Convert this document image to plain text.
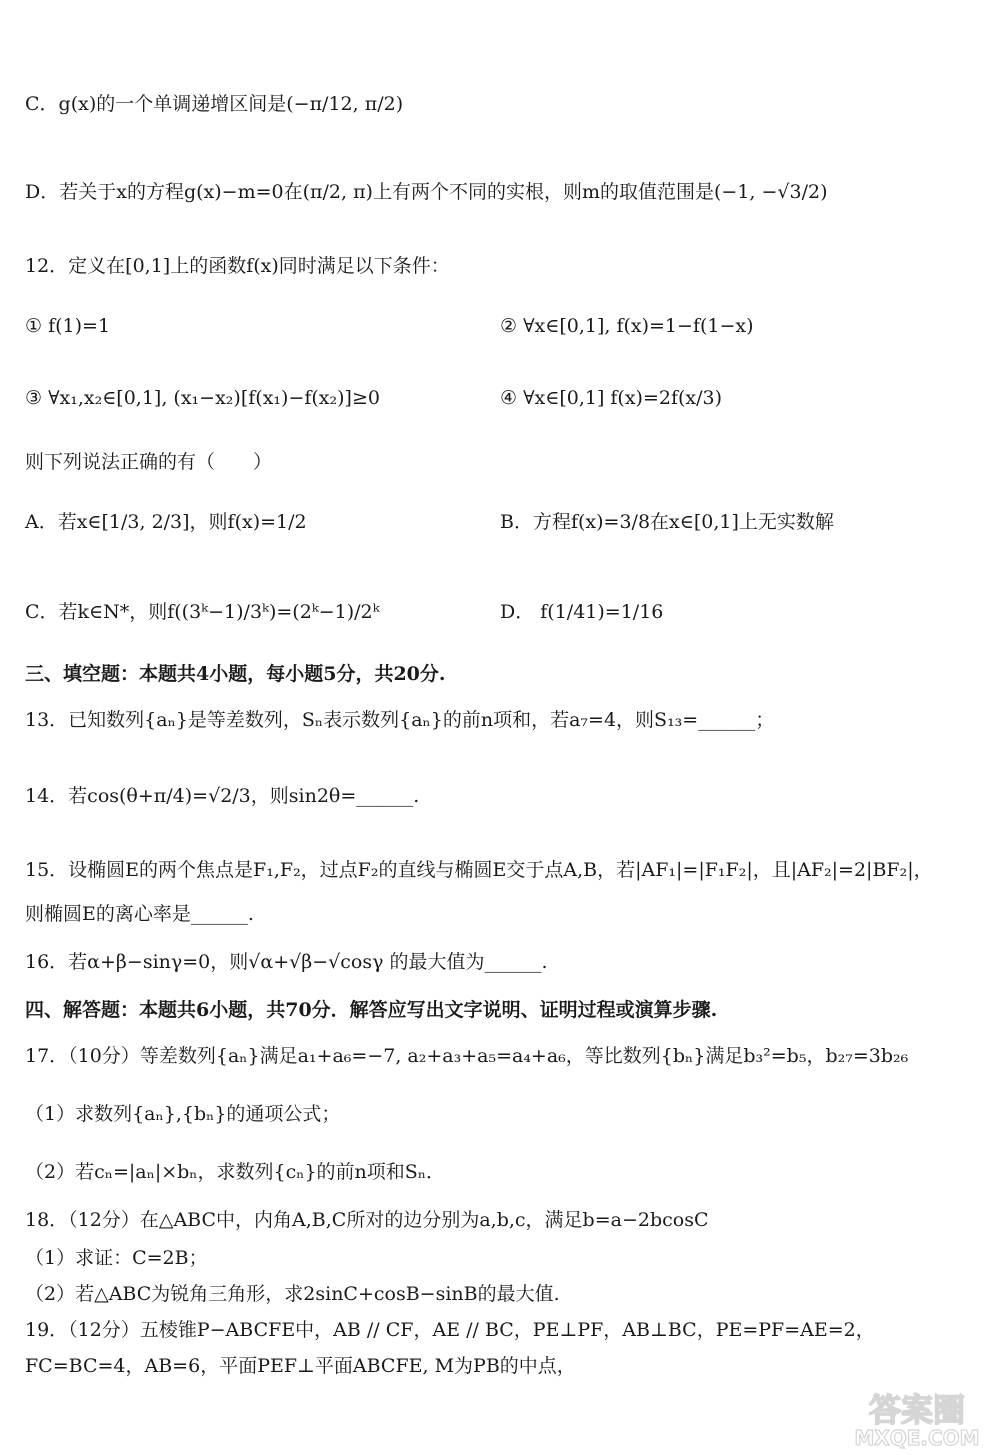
C．g(x)的一个单调递增区间是(−π/12, π/2)
D．若关于x的方程g(x)−m=0在(π/2, π)上有两个不同的实根，则m的取值范围是(−1, −√3/2)
12．定义在[0,1]上的函数f(x)同时满足以下条件：
① f(1)=1	② ∀x∈[0,1], f(x)=1−f(1−x)
③ ∀x₁,x₂∈[0,1], (x₁−x₂)[f(x₁)−f(x₂)]≥0	④ ∀x∈[0,1] f(x)=2f(x/3)
则下列说法正确的有（　　）
A．若x∈[1/3, 2/3]，则f(x)=1/2	B．方程f(x)=3/8在x∈[0,1]上无实数解
C．若k∈N*，则f((3ᵏ−1)/3ᵏ)=(2ᵏ−1)/2ᵏ	D． f(1/41)=1/16
三、填空题：本题共4小题，每小题5分，共20分.
13．已知数列{aₙ}是等差数列，Sₙ表示数列{aₙ}的前n项和，若a₇=4，则S₁₃=______；
14．若cos(θ+π/4)=√2/3，则sin2θ=______.
15．设椭圆E的两个焦点是F₁,F₂，过点F₂的直线与椭圆E交于点A,B，若|AF₁|=|F₁F₂|，且|AF₂|=2|BF₂|，
则椭圆E的离心率是______.
16．若α+β−sinγ=0，则√α+√β−√cosγ 的最大值为______.
四、解答题：本题共6小题，共70分．解答应写出文字说明、证明过程或演算步骤.
17．（10分）等差数列{aₙ}满足a₁+a₆=−7, a₂+a₃+a₅=a₄+a₆，等比数列{bₙ}满足b₃²=b₅，b₂₇=3b₂₆
（1）求数列{aₙ},{bₙ}的通项公式；
（2）若cₙ=|aₙ|×bₙ，求数列{cₙ}的前n项和Sₙ．
18．（12分）在△ABC中，内角A,B,C所对的边分别为a,b,c，满足b=a−2bcosC
（1）求证：C=2B；
（2）若△ABC为锐角三角形，求2sinC+cosB−sinB的最大值.
19．（12分）五棱锥P−ABCFE中，AB // CF，AE // BC，PE⊥PF，AB⊥BC，PE=PF=AE=2，
FC=BC=4，AB=6，平面PEF⊥平面ABCFE, M为PB的中点，
答案圈
MXQE.COM
